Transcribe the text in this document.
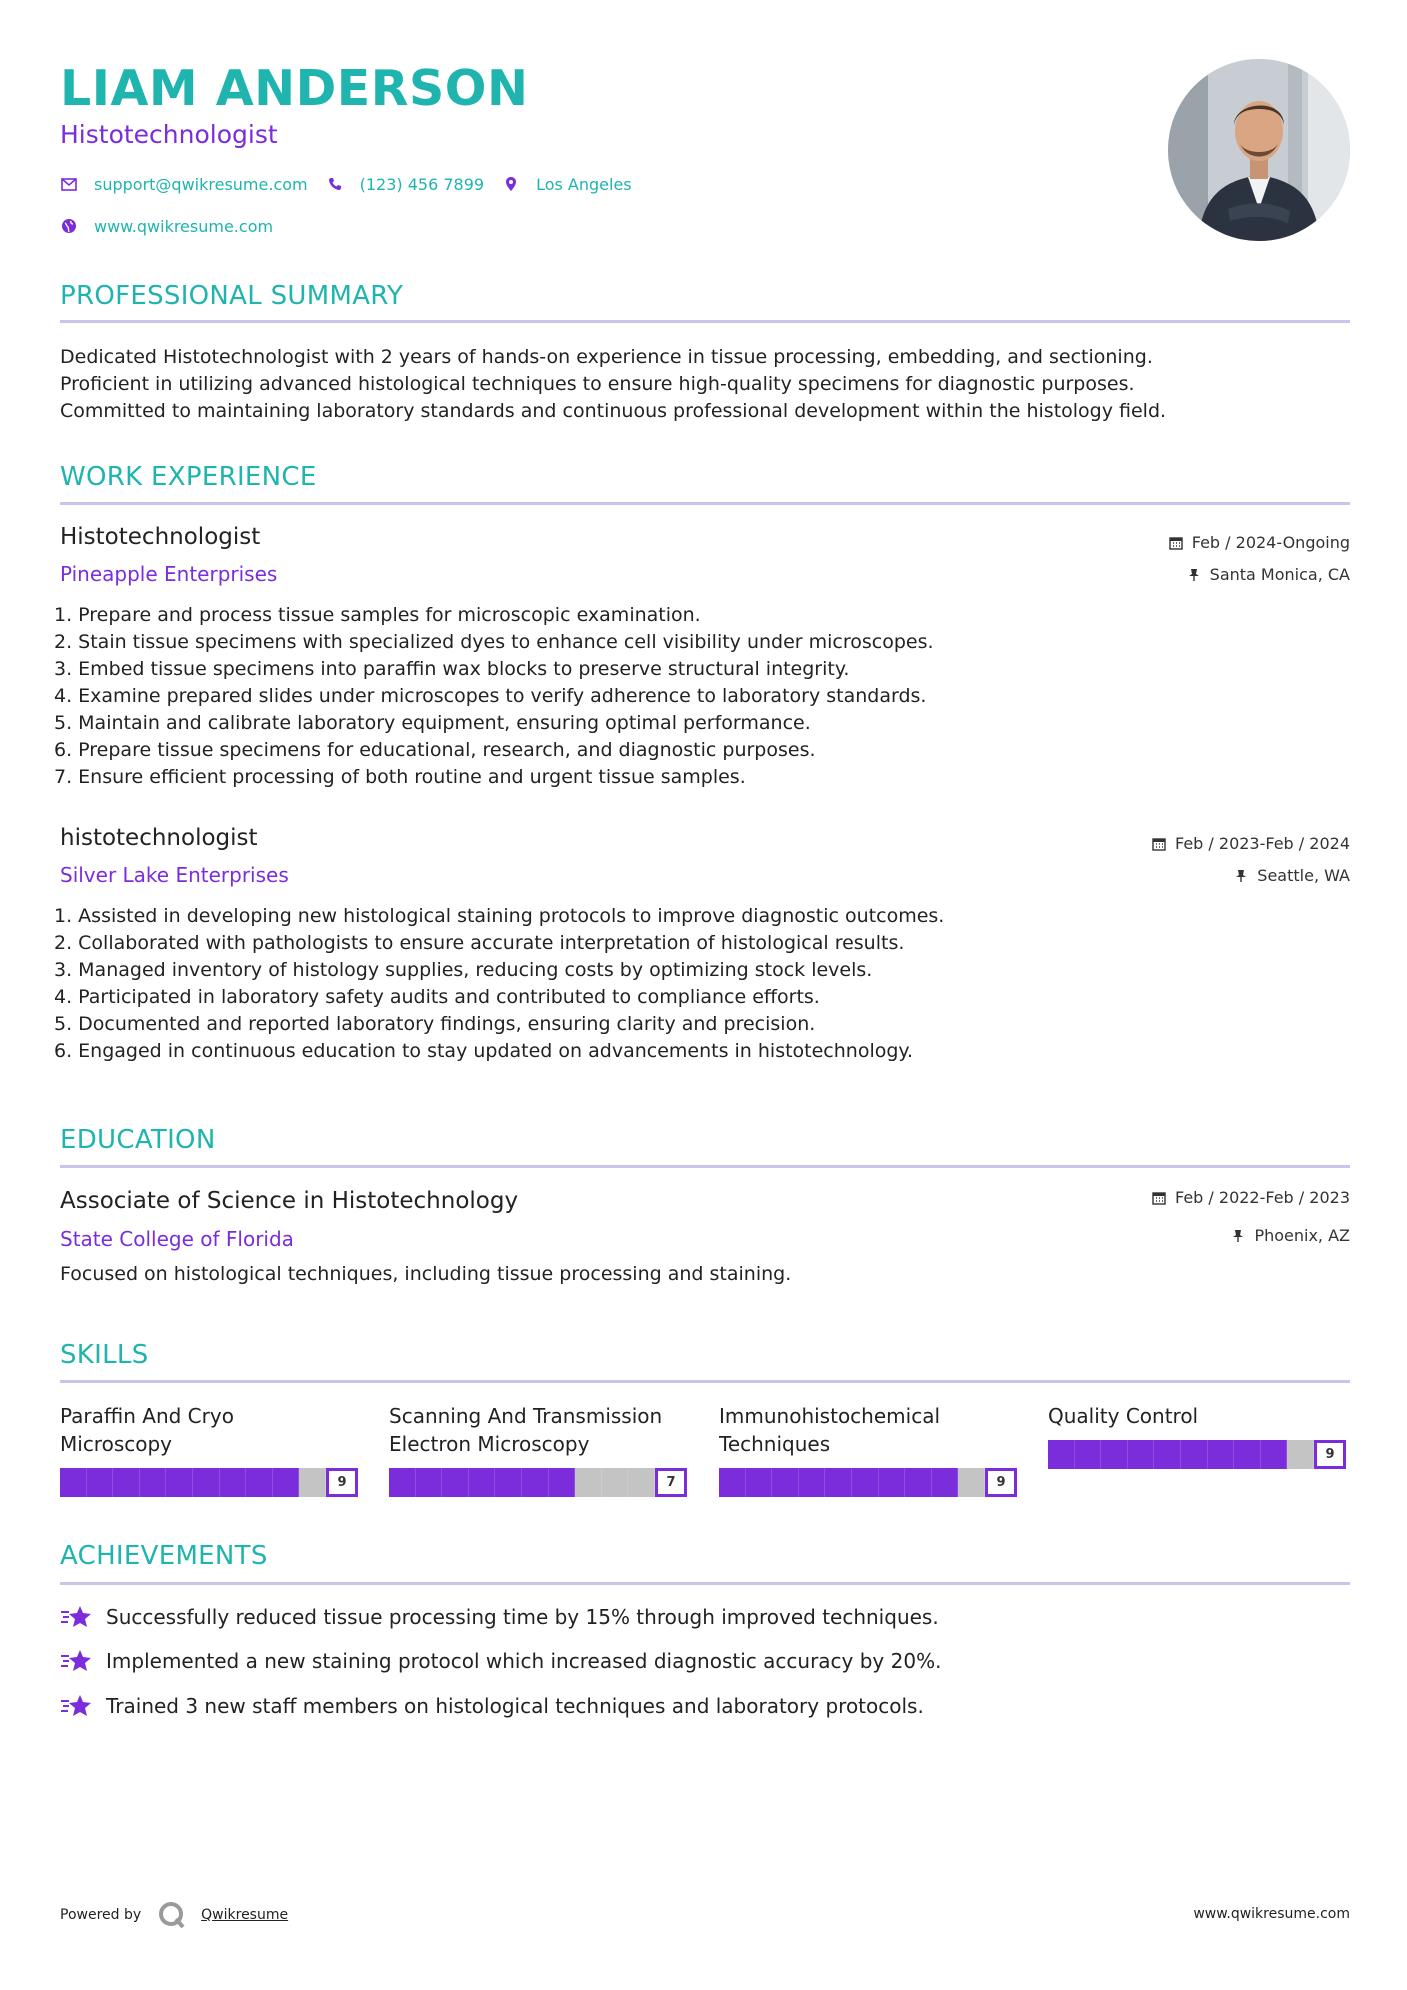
LIAM ANDERSON
Histotechnologist
support@qwikresume.com	(123) 456 7899	Los Angeles
www.qwikresume.com
PROFESSIONAL SUMMARY
Dedicated Histotechnologist with 2 years of hands-on experience in tissue processing, embedding, and sectioning.
Proficient in utilizing advanced histological techniques to ensure high-quality specimens for diagnostic purposes.
Committed to maintaining laboratory standards and continuous professional development within the histology field.
WORK EXPERIENCE
Histotechnologist
Pineapple Enterprises
Feb / 2024-Ongoing
Santa Monica, CA
1. Prepare and process tissue samples for microscopic examination.
2. Stain tissue specimens with specialized dyes to enhance cell visibility under microscopes.
3. Embed tissue specimens into paraffin wax blocks to preserve structural integrity.
4. Examine prepared slides under microscopes to verify adherence to laboratory standards.
5. Maintain and calibrate laboratory equipment, ensuring optimal performance.
6. Prepare tissue specimens for educational, research, and diagnostic purposes.
7. Ensure efficient processing of both routine and urgent tissue samples.
histotechnologist
Silver Lake Enterprises
Feb / 2023-Feb / 2024
Seattle, WA
1. Assisted in developing new histological staining protocols to improve diagnostic outcomes.
2. Collaborated with pathologists to ensure accurate interpretation of histological results.
3. Managed inventory of histology supplies, reducing costs by optimizing stock levels.
4. Participated in laboratory safety audits and contributed to compliance efforts.
5. Documented and reported laboratory findings, ensuring clarity and precision.
6. Engaged in continuous education to stay updated on advancements in histotechnology.
EDUCATION
Associate of Science in Histotechnology
State College of Florida
Feb / 2022-Feb / 2023
Phoenix, AZ
Focused on histological techniques, including tissue processing and staining.
SKILLS
Paraffin And Cryo
Microscopy
9
Scanning And Transmission
Electron Microscopy
7
Immunohistochemical
Techniques
9
Quality Control
9
ACHIEVEMENTS
Successfully reduced tissue processing time by 15% through improved techniques.
Implemented a new staining protocol which increased diagnostic accuracy by 20%.
Trained 3 new staff members on histological techniques and laboratory protocols.
Powered by	Qwikresume	www.qwikresume.com
